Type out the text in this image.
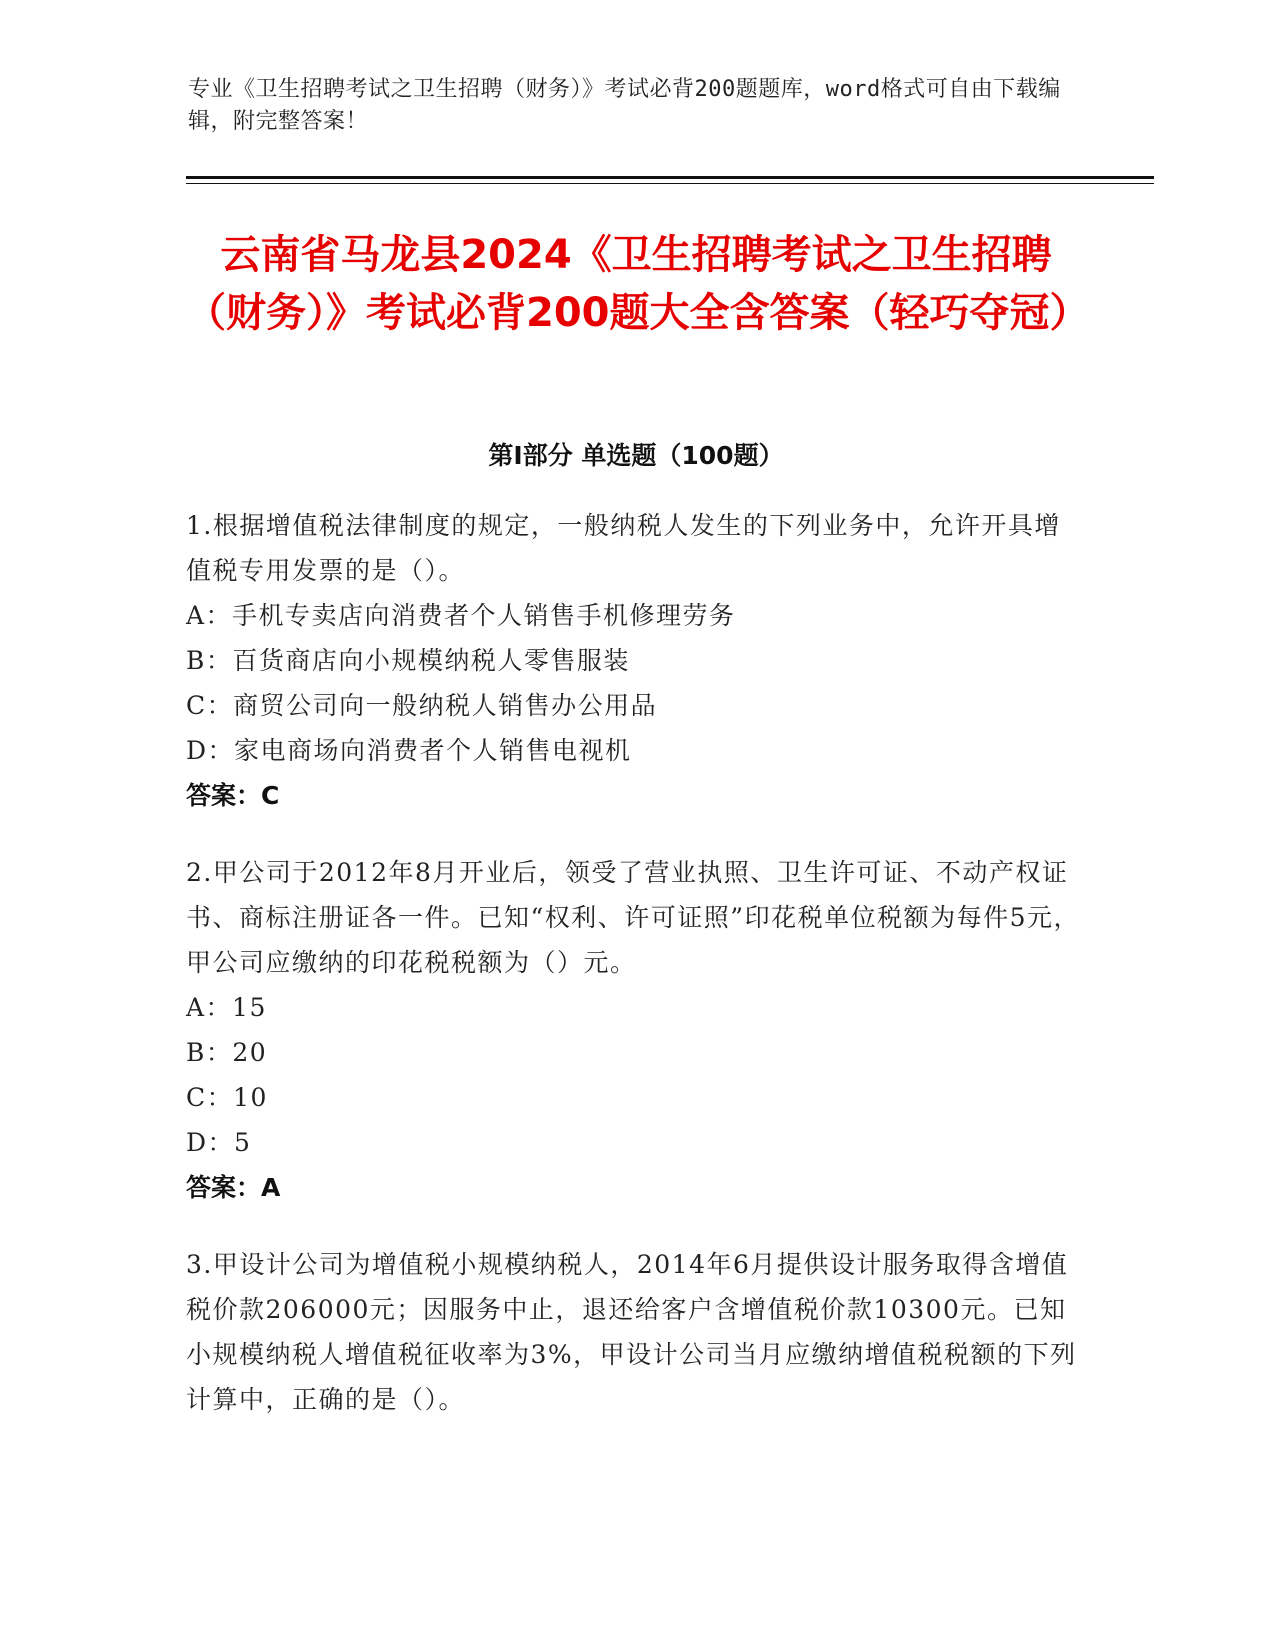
专业《卫生招聘考试之卫生招聘（财务）》考试必背200题题库，word格式可自由下载编辑，附完整答案！
云南省马龙县2024《卫生招聘考试之卫生招聘（财务）》考试必背200题大全含答案（轻巧夺冠）
第Ⅰ部分 单选题（100题）
1.根据增值税法律制度的规定，一般纳税人发生的下列业务中，允许开具增值税专用发票的是（）。
A：手机专卖店向消费者个人销售手机修理劳务
B：百货商店向小规模纳税人零售服装
C：商贸公司向一般纳税人销售办公用品
D：家电商场向消费者个人销售电视机
答案：C
2.甲公司于2012年8月开业后，领受了营业执照、卫生许可证、不动产权证书、商标注册证各一件。已知“权利、许可证照”印花税单位税额为每件5元，甲公司应缴纳的印花税税额为（）元。
A：15
B：20
C：10
D：5
答案：A
3.甲设计公司为增值税小规模纳税人，2014年6月提供设计服务取得含增值税价款206000元；因服务中止，退还给客户含增值税价款10300元。已知小规模纳税人增值税征收率为3%，甲设计公司当月应缴纳增值税税额的下列计算中，正确的是（）。
